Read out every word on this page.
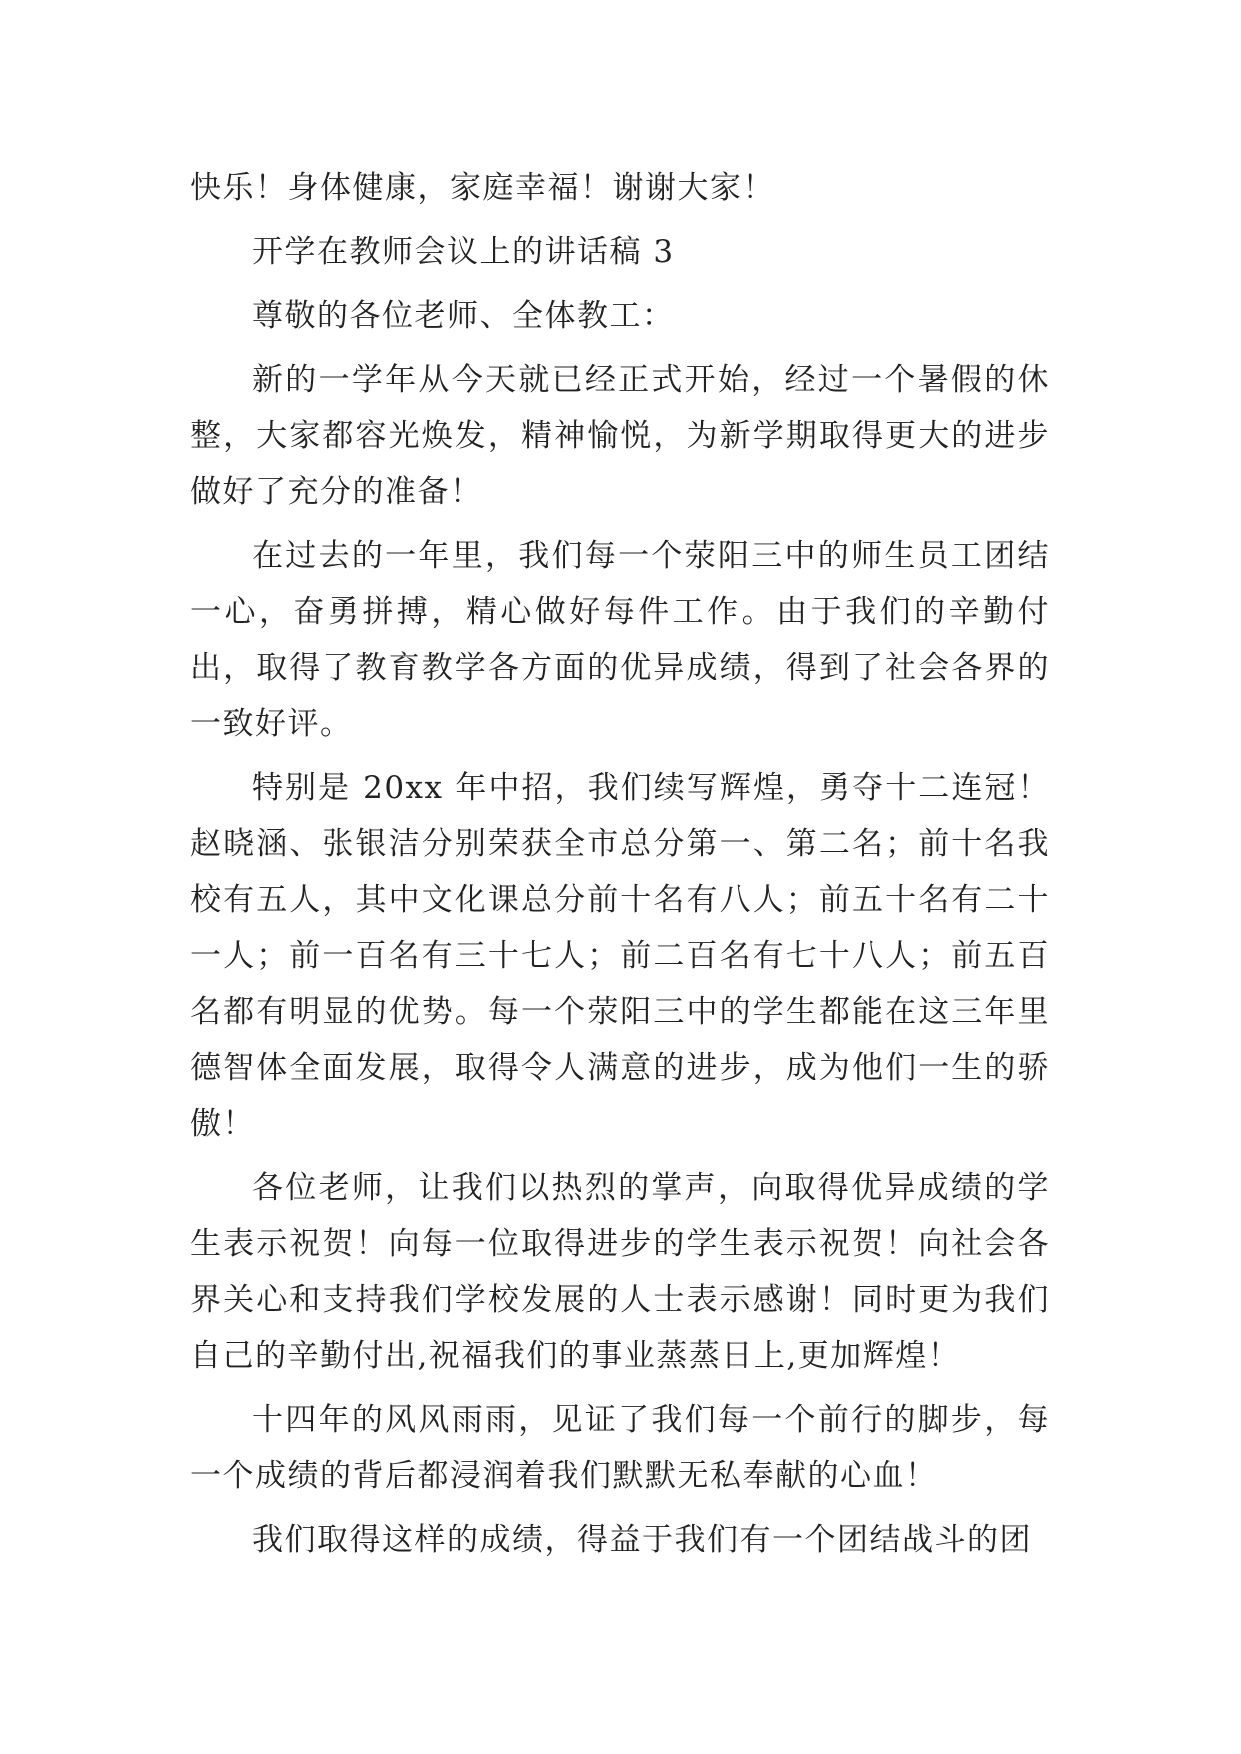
快乐！身体健康，家庭幸福！谢谢大家！

开学在教师会议上的讲话稿 3

尊敬的各位老师、全体教工：

新的一学年从今天就已经正式开始，经过一个暑假的休整，大家都容光焕发，精神愉悦，为新学期取得更大的进步做好了充分的准备！

在过去的一年里，我们每一个荥阳三中的师生员工团结一心，奋勇拼搏，精心做好每件工作。由于我们的辛勤付出，取得了教育教学各方面的优异成绩，得到了社会各界的一致好评。

特别是 20xx 年中招，我们续写辉煌，勇夺十二连冠！赵晓涵、张银洁分别荣获全市总分第一、第二名；前十名我校有五人，其中文化课总分前十名有八人；前五十名有二十一人；前一百名有三十七人；前二百名有七十八人；前五百名都有明显的优势。每一个荥阳三中的学生都能在这三年里德智体全面发展，取得令人满意的进步，成为他们一生的骄傲！

各位老师，让我们以热烈的掌声，向取得优异成绩的学生表示祝贺！向每一位取得进步的学生表示祝贺！向社会各界关心和支持我们学校发展的人士表示感谢！同时更为我们自己的辛勤付出,祝福我们的事业蒸蒸日上,更加辉煌！

十四年的风风雨雨，见证了我们每一个前行的脚步，每一个成绩的背后都浸润着我们默默无私奉献的心血！

我们取得这样的成绩，得益于我们有一个团结战斗的团
